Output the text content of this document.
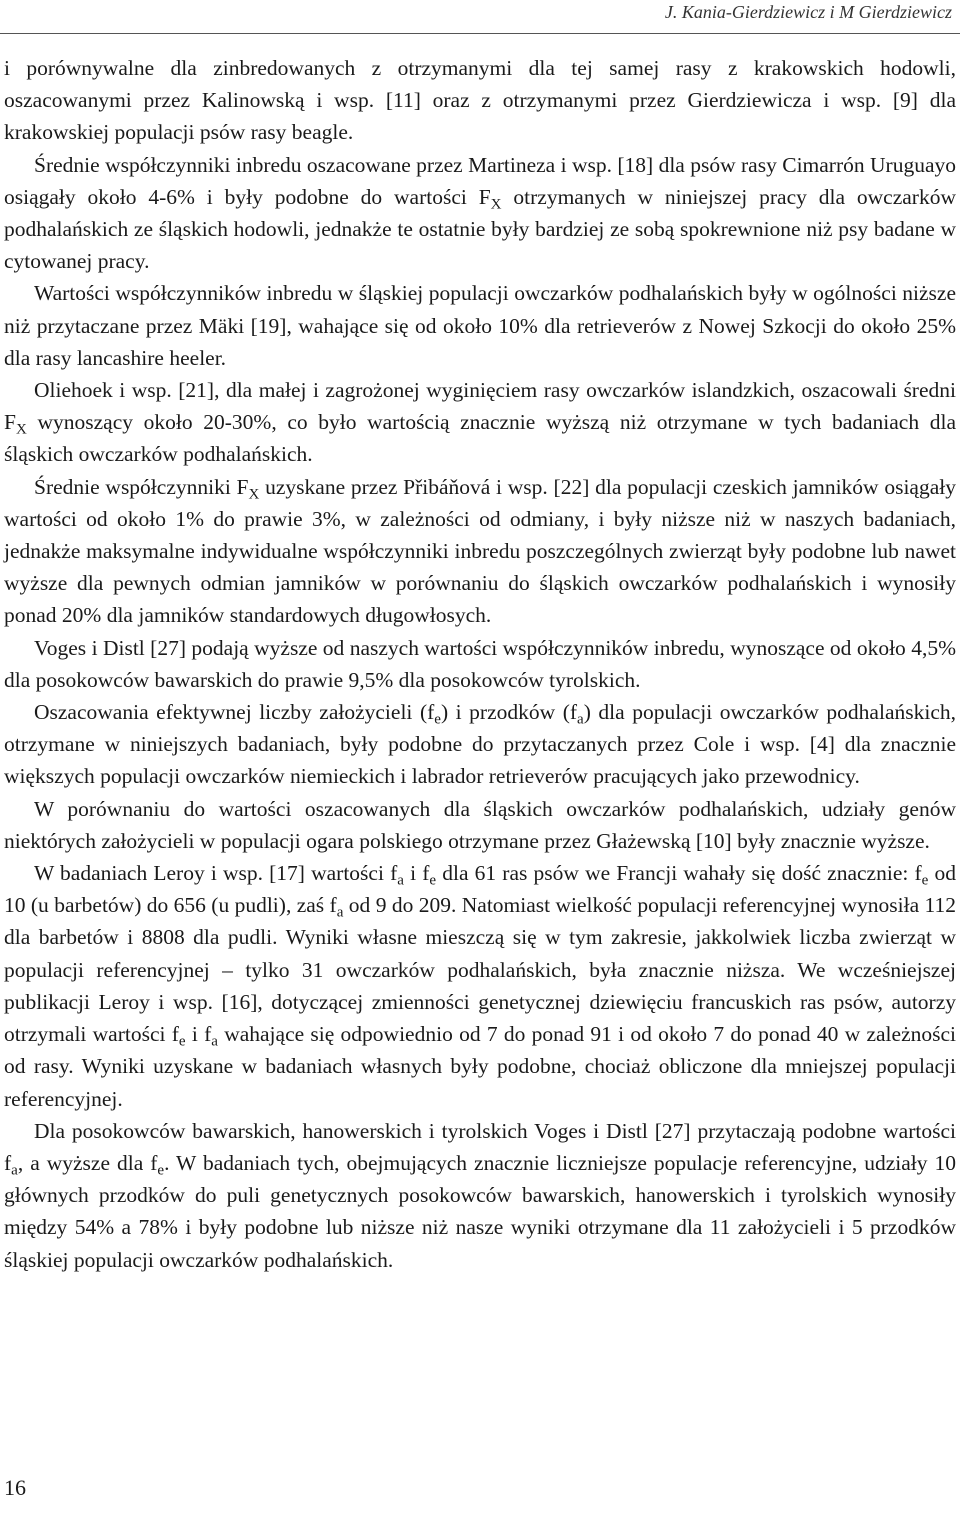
J. Kania-Gierdziewicz i M Gierdziewicz

i porównywalne dla zinbredowanych z otrzymanymi dla tej samej rasy z krakowskich hodowli, oszacowanymi przez Kalinowską i wsp. [11] oraz z otrzymanymi przez Gierdziewicza i wsp. [9] dla krakowskiej populacji psów rasy beagle.

Średnie współczynniki inbredu oszacowane przez Martineza i wsp. [18] dla psów rasy Cimarrón Uruguayo osiągały około 4-6% i były podobne do wartości $F_X$ otrzymanych w niniejszej pracy dla owczarków podhalańskich ze śląskich hodowli, jednakże te ostatnie były bardziej ze sobą spokrewnione niż psy badane w cytowanej pracy.

Wartości współczynników inbredu w śląskiej populacji owczarków podhalańskich były w ogólności niższe niż przytaczane przez Mäki [19], wahające się od około 10% dla retrieverów z Nowej Szkocji do około 25% dla rasy lancashire heeler.

Oliehoek i wsp. [21], dla małej i zagrożonej wyginięciem rasy owczarków islandzkich, oszacowali średni $F_X$ wynoszący około 20-30%, co było wartością znacznie wyższą niż otrzymane w tych badaniach dla śląskich owczarków podhalańskich.

Średnie współczynniki $F_X$ uzyskane przez Přibáňová i wsp. [22] dla populacji czeskich jamników osiągały wartości od około 1% do prawie 3%, w zależności od odmiany, i były niższe niż w naszych badaniach, jednakże maksymalne indywidualne współczynniki inbredu poszczególnych zwierząt były podobne lub nawet wyższe dla pewnych odmian jamników w porównaniu do śląskich owczarków podhalańskich i wynosiły ponad 20% dla jamników standardowych długowłosych.

Voges i Distl [27] podają wyższe od naszych wartości współczynników inbredu, wynoszące od około 4,5% dla posokowców bawarskich do prawie 9,5% dla posokowców tyrolskich.

Oszacowania efektywnej liczby założycieli $(f_e)$ i przodków $(f_a)$ dla populacji owczarków podhalańskich, otrzymane w niniejszych badaniach, były podobne do przytaczanych przez Cole i wsp. [4] dla znacznie większych populacji owczarków niemieckich i labrador retrieverów pracujących jako przewodnicy.

W porównaniu do wartości oszacowanych dla śląskich owczarków podhalańskich, udziały genów niektórych założycieli w populacji ogara polskiego otrzymane przez Głażewską [10] były znacznie wyższe.

W badaniach Leroy i wsp. [17] wartości $f_a$ i $f_e$ dla 61 ras psów we Francji wahały się dość znacznie: $f_e$ od 10 (u barbetów) do 656 (u pudli), zaś $f_a$ od 9 do 209. Natomiast wielkość populacji referencyjnej wynosiła 112 dla barbetów i 8808 dla pudli. Wyniki własne mieszczą się w tym zakresie, jakkolwiek liczba zwierząt w populacji referencyjnej – tylko 31 owczarków podhalańskich, była znacznie niższa. We wcześniejszej publikacji Leroy i wsp. [16], dotyczącej zmienności genetycznej dziewięciu francuskich ras psów, autorzy otrzymali wartości $f_e$ i $f_a$ wahające się odpowiednio od 7 do ponad 91 i od około 7 do ponad 40 w zależności od rasy. Wyniki uzyskane w badaniach własnych były podobne, chociaż obliczone dla mniejszej populacji referencyjnej.

Dla posokowców bawarskich, hanowerskich i tyrolskich Voges i Distl [27] przytaczają podobne wartości $f_a$, a wyższe dla $f_e$. W badaniach tych, obejmujących znacznie liczniejsze populacje referencyjne, udziały 10 głównych przodków do puli genetycznych posokowców bawarskich, hanowerskich i tyrolskich wynosiły między 54% a 78% i były podobne lub niższe niż nasze wyniki otrzymane dla 11 założycieli i 5 przodków śląskiej populacji owczarków podhalańskich.

16
